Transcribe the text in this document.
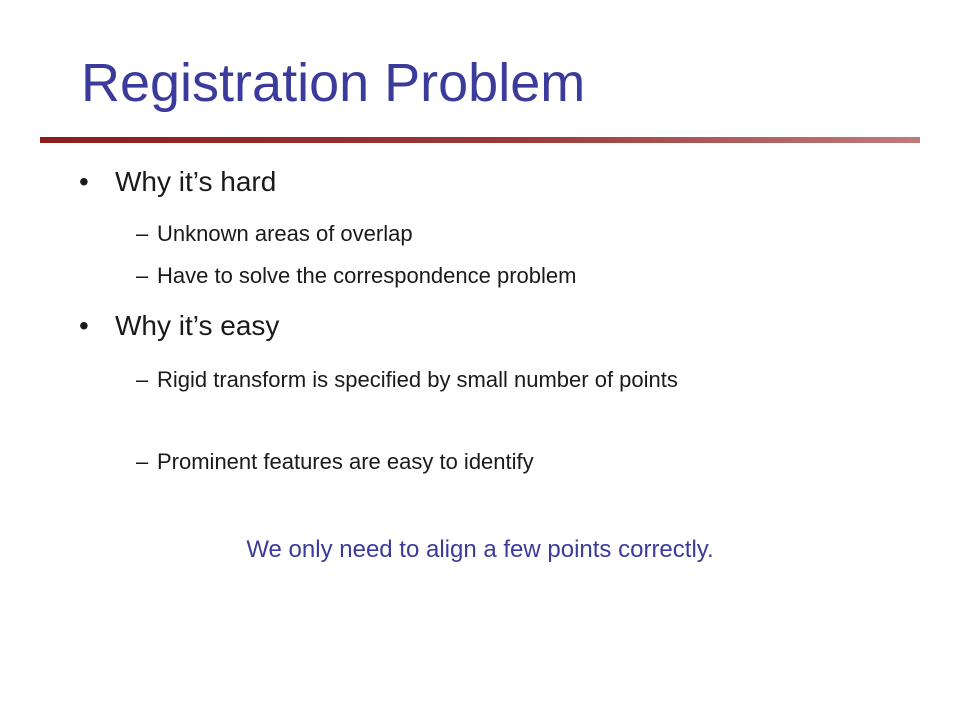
Registration Problem
• Why it’s hard
– Unknown areas of overlap
– Have to solve the correspondence problem
• Why it’s easy
– Rigid transform is specified by small number of points
– Prominent features are easy to identify
We only need to align a few points correctly.
